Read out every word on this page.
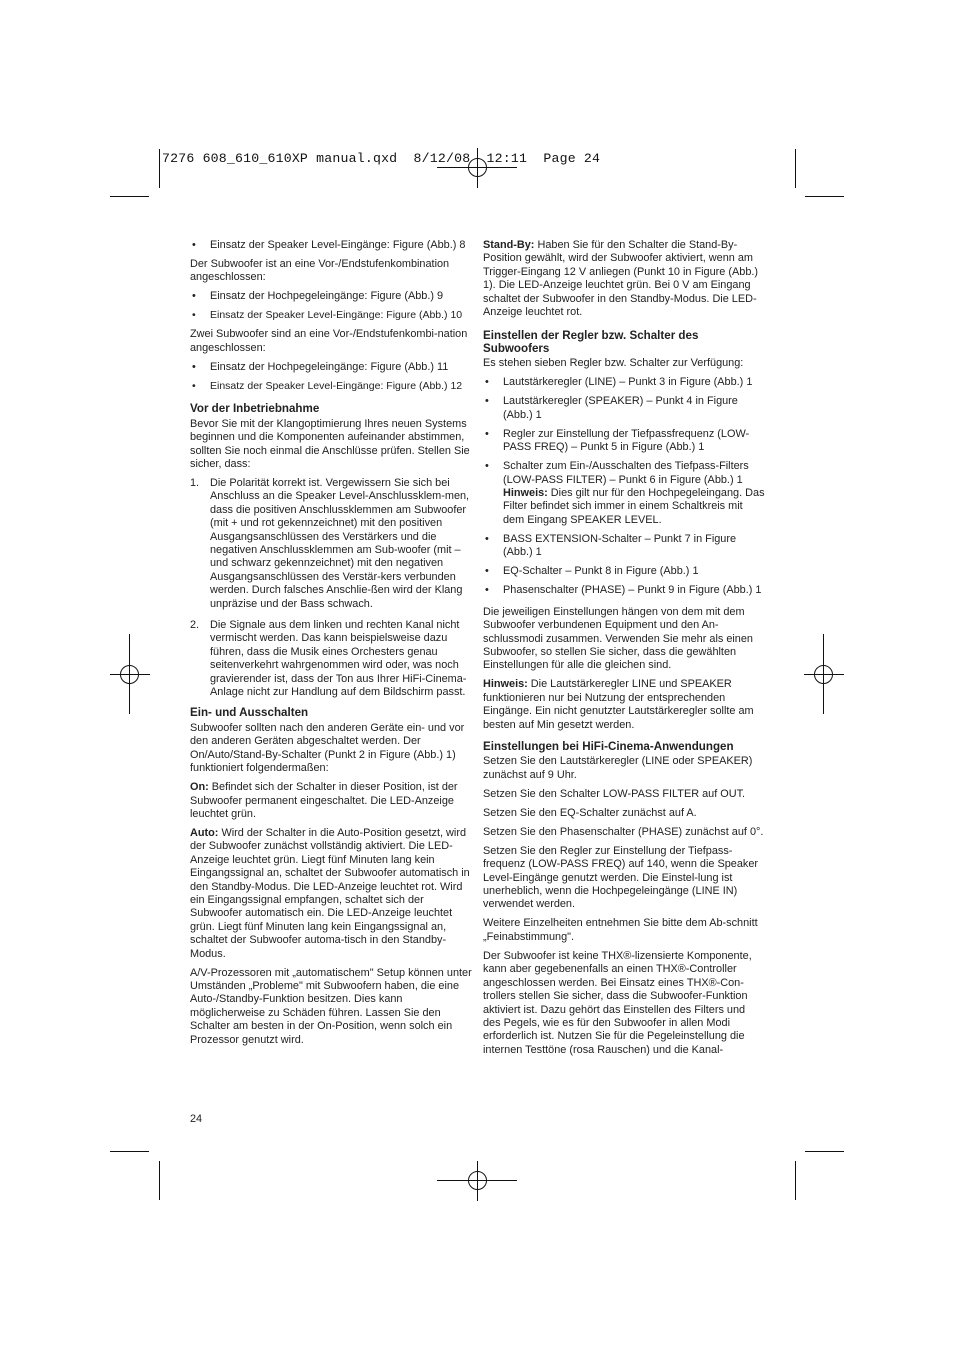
7276 608_610_610XP manual.qxd  8/12/08  12:11  Page 24
• Einsatz der Speaker Level-Eingänge: Figure (Abb.) 8

Der Subwoofer ist an eine Vor-/Endstufenkombination angeschlossen:

• Einsatz der Hochpegeleingänge: Figure (Abb.) 9
• Einsatz der Speaker Level-Eingänge: Figure (Abb.) 10

Zwei Subwoofer sind an eine Vor-/Endstufenkombi-nation angeschlossen:

• Einsatz der Hochpegeleingänge: Figure (Abb.) 11
• Einsatz der Speaker Level-Eingänge: Figure (Abb.) 12
Vor der Inbetriebnahme

Bevor Sie mit der Klangoptimierung Ihres neuen Systems beginnen und die Komponenten aufeinander abstimmen, sollten Sie noch einmal die Anschlüsse prüfen. Stellen Sie sicher, dass:

1. Die Polarität korrekt ist. Vergewissern Sie sich bei Anschluss an die Speaker Level-Anschlussklem-men, dass die positiven Anschlussklemmen am Subwoofer (mit + und rot gekennzeichnet) mit den positiven Ausgangsanschlüssen des Verstärkers und die negativen Anschlussklemmen am Sub-woofer (mit – und schwarz gekennzeichnet) mit den negativen Ausgangsanschlüssen des Verstär-kers verbunden werden. Durch falsches Anschlie-ßen wird der Klang unpräzise und der Bass schwach.
2. Die Signale aus dem linken und rechten Kanal nicht vermischt werden. Das kann beispielsweise dazu führen, dass die Musik eines Orchesters genau seitenverkehrt wahrgenommen wird oder, was noch gravierender ist, dass der Ton aus Ihrer HiFi-Cinema-Anlage nicht zur Handlung auf dem Bildschirm passt.
Ein- und Ausschalten

Subwoofer sollten nach den anderen Geräte ein- und vor den anderen Geräten abgeschaltet werden. Der On/Auto/Stand-By-Schalter (Punkt 2 in Figure (Abb.) 1) funktioniert folgendermaßen:

On: Befindet sich der Schalter in dieser Position, ist der Subwoofer permanent eingeschaltet. Die LED-Anzeige leuchtet grün.

Auto: Wird der Schalter in die Auto-Position gesetzt, wird der Subwoofer zunächst vollständig aktiviert. Die LED-Anzeige leuchtet grün. Liegt fünf Minuten lang kein Eingangssignal an, schaltet der Subwoofer automatisch in den Standby-Modus. Die LED-Anzeige leuchtet rot. Wird ein Eingangssignal empfangen, schaltet sich der Subwoofer automatisch ein. Die LED-Anzeige leuchtet grün. Liegt fünf Minuten lang kein Eingangssignal an, schaltet der Subwoofer automa-tisch in den Standby-Modus.

A/V-Prozessoren mit „automatischem" Setup können unter Umständen „Probleme" mit Subwoofern haben, die eine Auto-/Standby-Funktion besitzen. Dies kann möglicherweise zu Schäden führen. Lassen Sie den Schalter am besten in der On-Position, wenn solch ein Prozessor genutzt wird.

Stand-By: Haben Sie für den Schalter die Stand-By-Position gewählt, wird der Subwoofer aktiviert, wenn am Trigger-Eingang 12 V anliegen (Punkt 10 in Figure (Abb.) 1). Die LED-Anzeige leuchtet grün. Bei 0 V am Eingang schaltet der Subwoofer in den Standby-Modus. Die LED-Anzeige leuchtet rot.

Einstellen der Regler bzw. Schalter des Subwoofers

Es stehen sieben Regler bzw. Schalter zur Verfügung:

• Lautstärkeregler (LINE) – Punkt 3 in Figure (Abb.) 1
• Lautstärkeregler (SPEAKER) – Punkt 4 in Figure (Abb.) 1
• Regler zur Einstellung der Tiefpassfrequenz (LOW-PASS FREQ) – Punkt 5 in Figure (Abb.) 1
• Schalter zum Ein-/Ausschalten des Tiefpass-Filters (LOW-PASS FILTER) – Punkt 6 in Figure (Abb.) 1
Hinweis: Dies gilt nur für den Hochpegeleingang. Das Filter befindet sich immer in einem Schaltkreis mit dem Eingang SPEAKER LEVEL.
• BASS EXTENSION-Schalter – Punkt 7 in Figure (Abb.) 1
• EQ-Schalter – Punkt 8 in Figure (Abb.) 1
• Phasenschalter (PHASE) – Punkt 9 in Figure (Abb.) 1

Die jeweiligen Einstellungen hängen von dem mit dem Subwoofer verbundenen Equipment und den An-schlussmodi zusammen. Verwenden Sie mehr als einen Subwoofer, so stellen Sie sicher, dass die gewählten Einstellungen für alle die gleichen sind.

Hinweis: Die Lautstärkeregler LINE und SPEAKER funktionieren nur bei Nutzung der entsprechenden Eingänge. Ein nicht genutzter Lautstärkeregler sollte am besten auf Min gesetzt werden.

Einstellungen bei HiFi-Cinema-Anwendungen

Setzen Sie den Lautstärkeregler (LINE oder SPEAKER) zunächst auf 9 Uhr.

Setzen Sie den Schalter LOW-PASS FILTER auf OUT.

Setzen Sie den EQ-Schalter zunächst auf A.

Setzen Sie den Phasenschalter (PHASE) zunächst auf 0°.

Setzen Sie den Regler zur Einstellung der Tiefpass-frequenz (LOW-PASS FREQ) auf 140, wenn die Speaker Level-Eingänge genutzt werden. Die Einstel-lung ist unerheblich, wenn die Hochpegeleingänge (LINE IN) verwendet werden.

Weitere Einzelheiten entnehmen Sie bitte dem Ab-schnitt „Feinabstimmung".

Der Subwoofer ist keine THX®-lizensierte Komponente, kann aber gegebenenfalls an einen THX®-Controller angeschlossen werden. Bei Einsatz eines THX®-Con-trollers stellen Sie sicher, dass die Subwoofer-Funktion aktiviert ist. Dazu gehört das Einstellen des Filters und des Pegels, wie es für den Subwoofer in allen Modi erforderlich ist. Nutzen Sie für die Pegeleinstellung die internen Testtöne (rosa Rauschen) und die Kanal-

24
